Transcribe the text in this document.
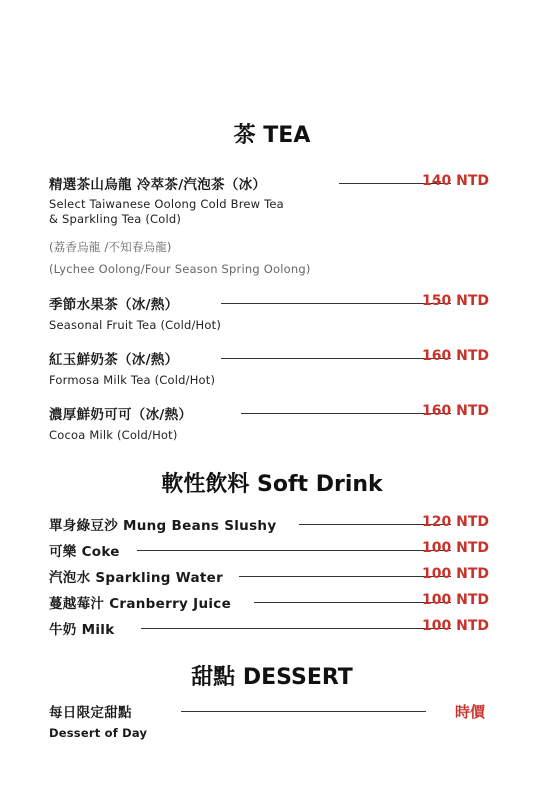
茶 TEA
精選茶山烏龍 冷萃茶/汽泡茶（冰）	140 NTD
Select Taiwanese Oolong Cold Brew Tea
& Sparkling Tea (Cold)
(荔香烏龍 /不知春烏龍)
(Lychee Oolong/Four Season Spring Oolong)
季節水果茶（冰/熱）	150 NTD
Seasonal Fruit Tea (Cold/Hot)
紅玉鮮奶茶（冰/熱）	160 NTD
Formosa Milk Tea (Cold/Hot)
濃厚鮮奶可可（冰/熱）	160 NTD
Cocoa Milk (Cold/Hot)
軟性飲料 Soft Drink
單身綠豆沙 Mung Beans Slushy	120 NTD
可樂 Coke	100 NTD
汽泡水 Sparkling Water	100 NTD
蔓越莓汁 Cranberry Juice	100 NTD
牛奶 Milk	100 NTD
甜點 DESSERT
每日限定甜點	時價
Dessert of Day
